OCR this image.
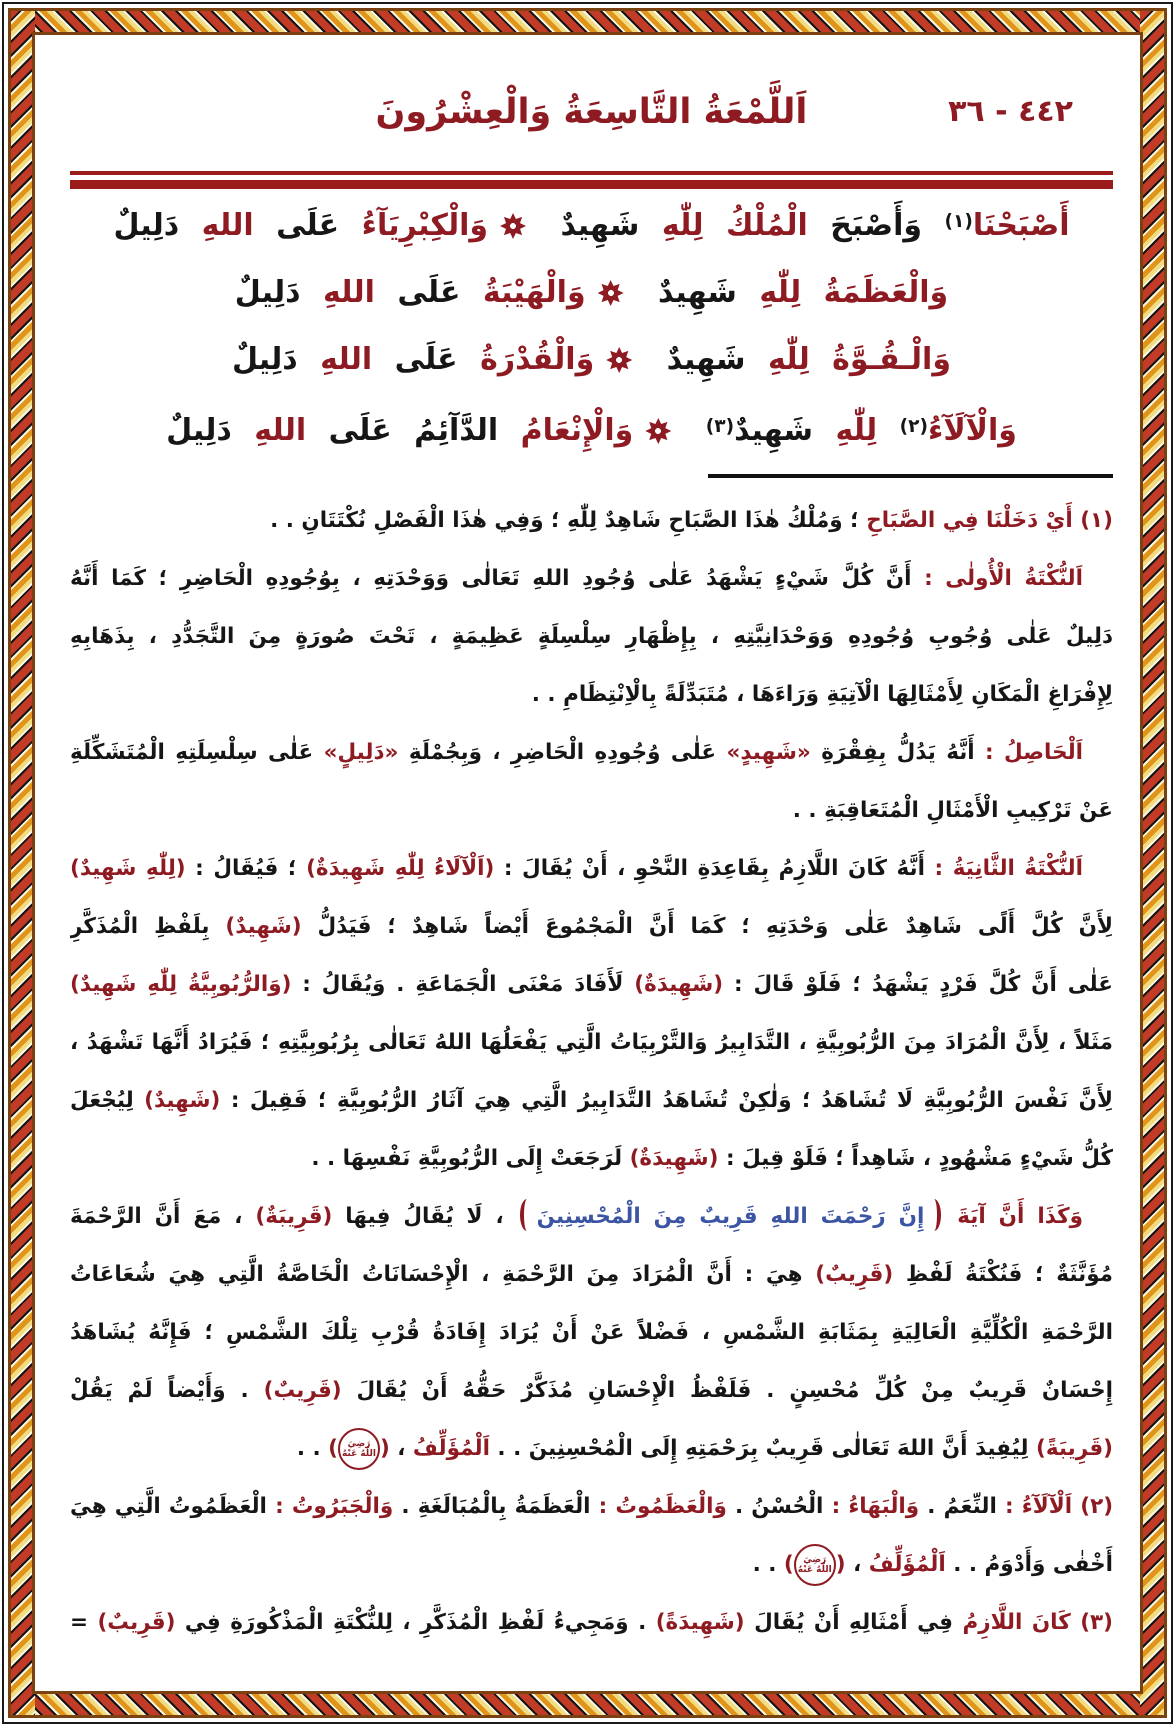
٤٤٢ - ٣٦
اَللَّمْعَةُ التَّاسِعَةُ وَالْعِشْرُونَ
أَصْبَحْنَا$^{(١)}$ وَأَصْبَحَ الْمُلْكُ لِلّٰهِ شَهِيدٌ وَالْكِبْرِيَآءُ عَلَى اللهِ دَلِيلٌ
وَالْعَظَمَةُ لِلّٰهِ شَهِيدٌ وَالْهَيْبَةُ عَلَى اللهِ دَلِيلٌ
وَالْـقُـوَّةُ لِلّٰهِ شَهِيدٌ وَالْقُدْرَةُ عَلَى اللهِ دَلِيلٌ
وَالْآلَآءُ$^{(٢)}$ لِلّٰهِ شَهِيدٌ$^{(٣)}$ وَالْإِنْعَامُ الدَّآئِمُ عَلَى اللهِ دَلِيلٌ
(١) أَيْ دَخَلْنَا فِي الصَّبَاحِ ؛ وَمُلْكُ هٰذَا الصَّبَاحِ شَاهِدٌ لِلّٰهِ ؛ وَفِي هٰذَا الْفَصْلِ نُكْتَتَانِ . .
اَلنُّكْتَةُ الْأُولٰى : أَنَّ كُلَّ شَيْءٍ يَشْهَدُ عَلٰى وُجُودِ اللهِ تَعَالٰى وَوَحْدَتِهِ ، بِوُجُودِهِ الْحَاضِرِ ؛ كَمَا أَنَّهُ
دَلِيلٌ عَلٰى وُجُوبِ وُجُودِهِ وَوَحْدَانِيَّتِهِ ، بِإِظْهَارِ سِلْسِلَةٍ عَظِيمَةٍ ، تَحْتَ صُورَةٍ مِنَ التَّجَدُّدِ ، بِذَهَابِهِ
لِإِفْرَاغِ الْمَكَانِ لِأَمْثَالِهَا الْآتِيَةِ وَرَاءَهَا ، مُتَبَدِّلَةً بِالْاِنْتِظَامِ . .
اَلْحَاصِلُ : أَنَّهُ يَدُلُّ بِفِقْرَةِ «شَهِيدٍ» عَلٰى وُجُودِهِ الْحَاضِرِ ، وَبِجُمْلَةِ «دَلِيلٍ» عَلٰى سِلْسِلَتِهِ الْمُتَشَكِّلَةِ
عَنْ تَرْكِيبِ الْأَمْثَالِ الْمُتَعَاقِبَةِ . .
اَلنُّكْتَةُ الثَّانِيَةُ : أَنَّهُ كَانَ اللَّازِمُ بِقَاعِدَةِ النَّحْوِ ، أَنْ يُقَالَ : (اَلْآلَاءُ لِلّٰهِ شَهِيدَةٌ) ؛ فَيُقَالُ : (لِلّٰهِ شَهِيدٌ)
لِأَنَّ كُلَّ أَلًى شَاهِدٌ عَلٰى وَحْدَتِهِ ؛ كَمَا أَنَّ الْمَجْمُوعَ أَيْضاً شَاهِدٌ ؛ فَيَدُلُّ (شَهِيدٌ) بِلَفْظِ الْمُذَكَّرِ
عَلٰى أَنَّ كُلَّ فَرْدٍ يَشْهَدُ ؛ فَلَوْ قَالَ : (شَهِيدَةٌ) لَأَفَادَ مَعْنَى الْجَمَاعَةِ . وَيُقَالُ : (وَالرُّبُوبِيَّةُ لِلّٰهِ شَهِيدٌ)
مَثَلاً ، لِأَنَّ الْمُرَادَ مِنَ الرُّبُوبِيَّةِ ، التَّدَابِيرُ وَالتَّرْبِيَاتُ الَّتِي يَفْعَلُهَا اللهُ تَعَالٰى بِرُبُوبِيَّتِهِ ؛ فَيُرَادُ أَنَّهَا تَشْهَدُ ،
لِأَنَّ نَفْسَ الرُّبُوبِيَّةِ لَا تُشَاهَدُ ؛ وَلٰكِنْ تُشَاهَدُ التَّدَابِيرُ الَّتِي هِيَ آثَارُ الرُّبُوبِيَّةِ ؛ فَقِيلَ : (شَهِيدٌ) لِيُجْعَلَ
كُلُّ شَيْءٍ مَشْهُودٍ ، شَاهِداً ؛ فَلَوْ قِيلَ : (شَهِيدَةٌ) لَرَجَعَتْ إِلَى الرُّبُوبِيَّةِ نَفْسِهَا . .
وَكَذَا أَنَّ آيَةَ إِنَّ رَحْمَتَ اللهِ قَرِيبٌ مِنَ الْمُحْسِنِينَ ، لَا يُقَالُ فِيهَا (قَرِيبَةٌ) ، مَعَ أَنَّ الرَّحْمَةَ
مُؤَنَّثَةٌ ؛ فَنُكْتَةُ لَفْظِ (قَرِيبٌ) هِيَ : أَنَّ الْمُرَادَ مِنَ الرَّحْمَةِ ، الْإِحْسَانَاتُ الْخَاصَّةُ الَّتِي هِيَ شُعَاعَاتُ
الرَّحْمَةِ الْكُلِّيَّةِ الْعَالِيَةِ بِمَثَابَةِ الشَّمْسِ ، فَضْلاً عَنْ أَنْ يُرَادَ إِفَادَةُ قُرْبِ تِلْكَ الشَّمْسِ ؛ فَإِنَّهُ يُشَاهَدُ
إِحْسَانٌ قَرِيبٌ مِنْ كُلِّ مُحْسِنٍ . فَلَفْظُ الْإِحْسَانِ مُذَكَّرٌ حَقُّهُ أَنْ يُقَالَ (قَرِيبٌ) . وَأَيْضاً لَمْ يَقُلْ
(قَرِيبَةً) لِيُفِيدَ أَنَّ اللهَ تَعَالٰى قَرِيبٌ بِرَحْمَتِهِ إِلَى الْمُحْسِنِينَ . . اَلْمُؤَلِّفُ ، (رَضِيَ اللّٰهُ عَنْهُ) . .
(٢) اَلْآلَآءُ : النِّعَمُ . وَالْبَهَاءُ : الْحُسْنُ . وَالْعَظَمُوتُ : الْعَظَمَةُ بِالْمُبَالَغَةِ . وَالْجَبَرُوتُ : الْعَظَمُوتُ الَّتِي هِيَ
أَخْفٰى وَأَدْوَمُ . . اَلْمُؤَلِّفُ ، (رَضِيَ اللّٰهُ عَنْهُ) . .
(٣) كَانَ اللَّازِمُ فِي أَمْثَالِهِ أَنْ يُقَالَ (شَهِيدَةً) . وَمَجِيءُ لَفْظِ الْمُذَكَّرِ ، لِلنُّكْتَةِ الْمَذْكُورَةِ فِي (قَرِيبٌ) =
